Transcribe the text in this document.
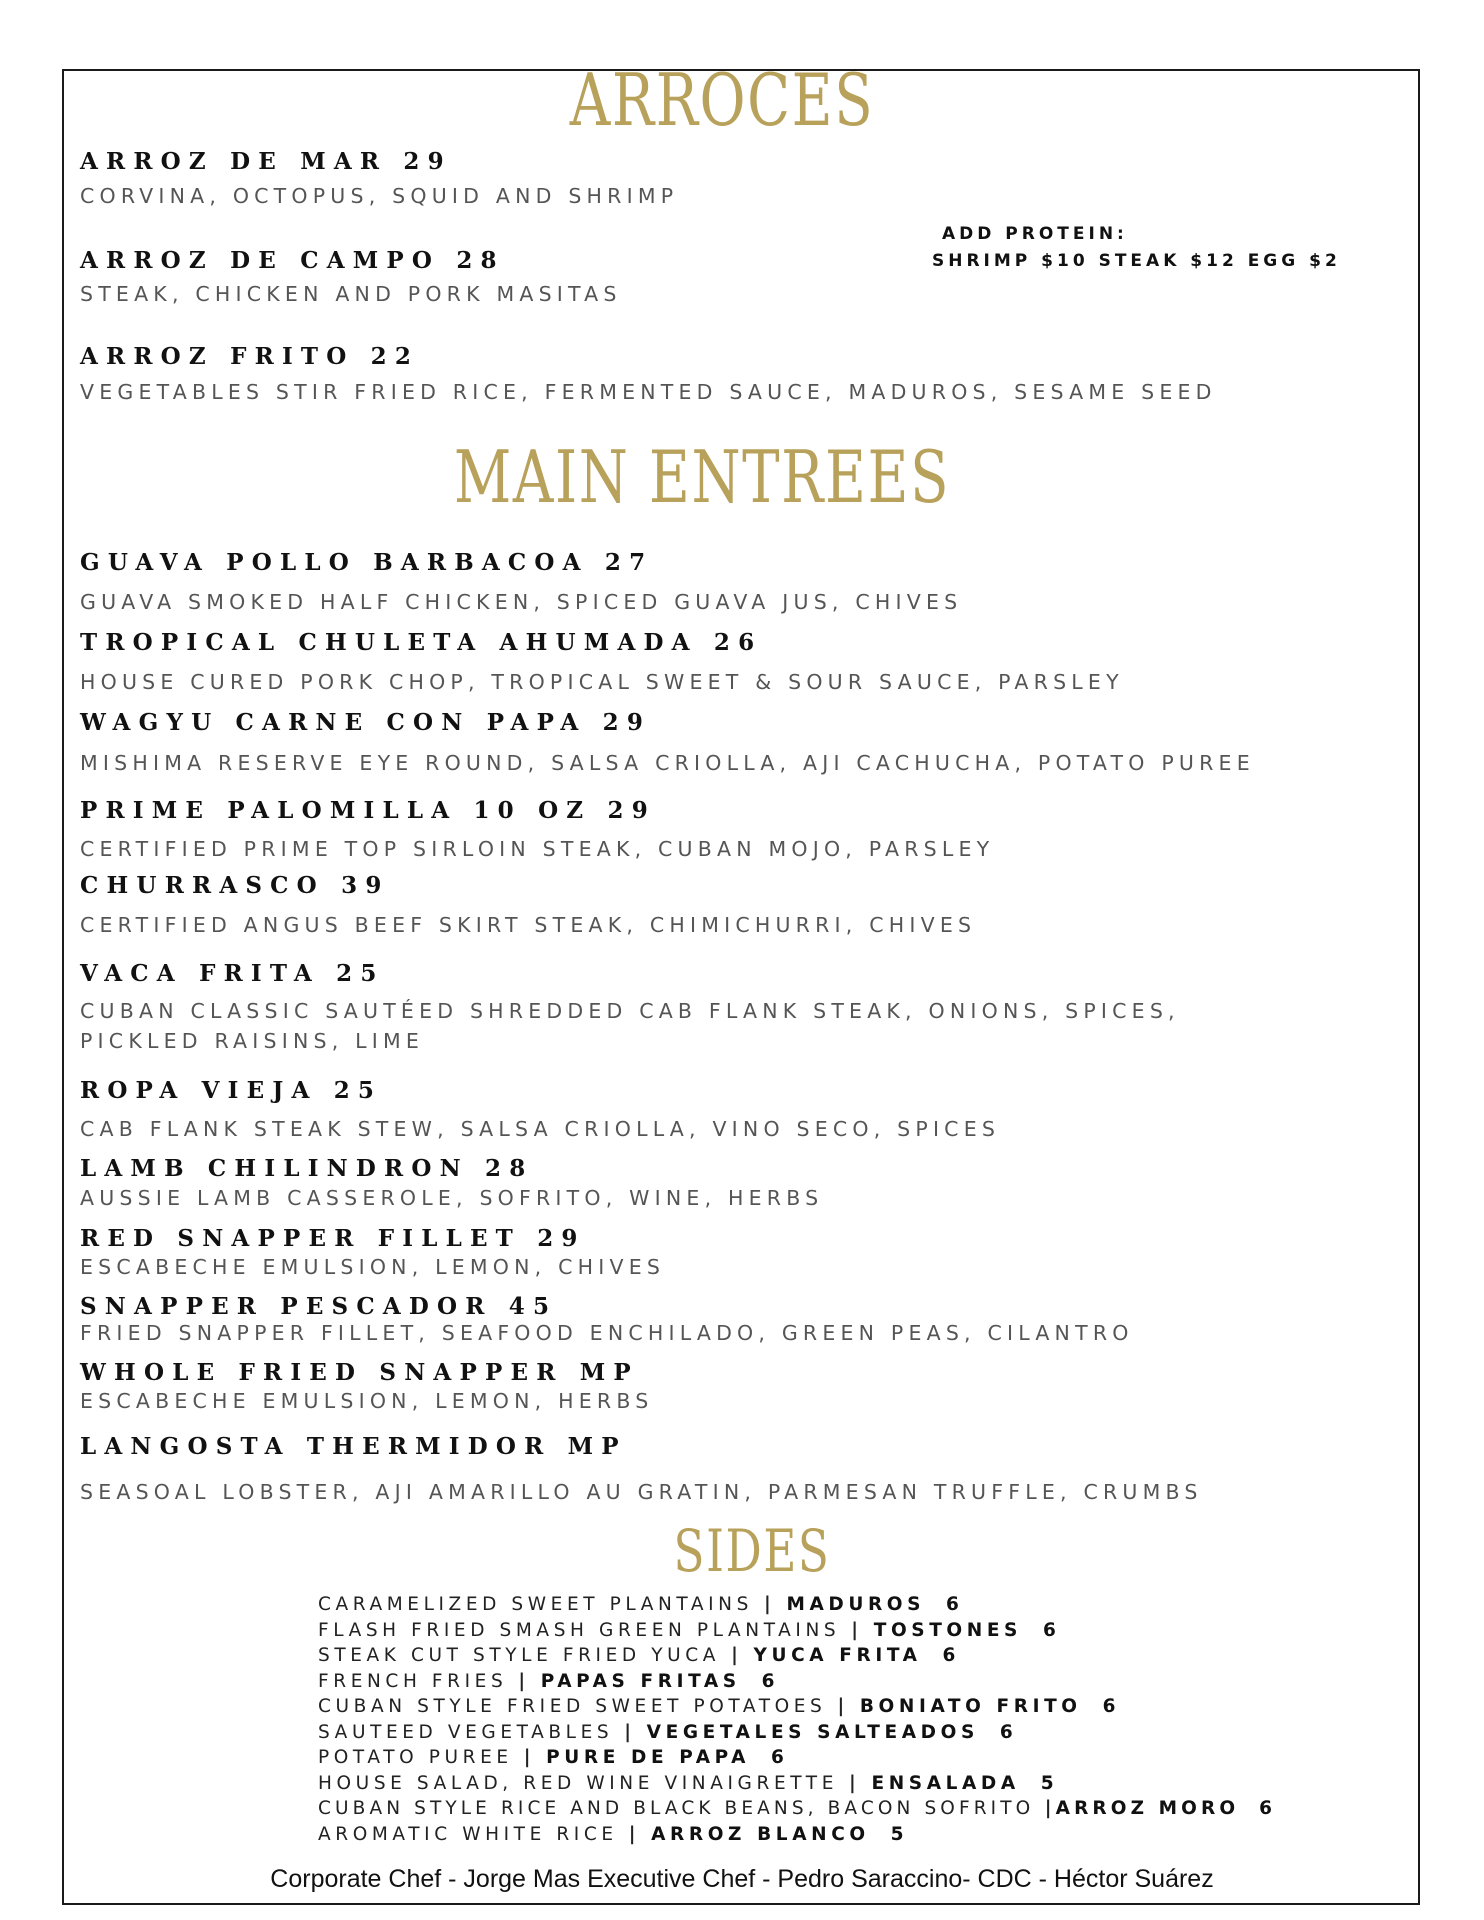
ARROCES
ARROZ DE MAR 29
CORVINA, OCTOPUS, SQUID AND SHRIMP
ADD PROTEIN:
SHRIMP $10 STEAK $12 EGG $2
ARROZ DE CAMPO 28
STEAK, CHICKEN AND PORK MASITAS
ARROZ FRITO 22
VEGETABLES STIR FRIED RICE, FERMENTED SAUCE, MADUROS, SESAME SEED
MAIN ENTREES
GUAVA POLLO BARBACOA 27
GUAVA SMOKED HALF CHICKEN, SPICED GUAVA JUS, CHIVES
TROPICAL CHULETA AHUMADA 26
HOUSE CURED PORK CHOP, TROPICAL SWEET & SOUR SAUCE, PARSLEY
WAGYU CARNE CON PAPA 29
MISHIMA RESERVE EYE ROUND, SALSA CRIOLLA, AJI CACHUCHA, POTATO PUREE
PRIME PALOMILLA 10 OZ 29
CERTIFIED PRIME TOP SIRLOIN STEAK, CUBAN MOJO, PARSLEY
CHURRASCO 39
CERTIFIED ANGUS BEEF SKIRT STEAK, CHIMICHURRI, CHIVES
VACA FRITA 25
CUBAN CLASSIC SAUTÉED SHREDDED CAB FLANK STEAK, ONIONS, SPICES, PICKLED RAISINS, LIME
ROPA VIEJA 25
CAB FLANK STEAK STEW, SALSA CRIOLLA, VINO SECO, SPICES
LAMB CHILINDRON 28
AUSSIE LAMB CASSEROLE, SOFRITO, WINE, HERBS
RED SNAPPER FILLET 29
ESCABECHE EMULSION, LEMON, CHIVES
SNAPPER PESCADOR 45
FRIED SNAPPER FILLET, SEAFOOD ENCHILADO, GREEN PEAS, CILANTRO
WHOLE FRIED SNAPPER MP
ESCABECHE EMULSION, LEMON, HERBS
LANGOSTA THERMIDOR MP
SEASOAL LOBSTER, AJI AMARILLO AU GRATIN, PARMESAN TRUFFLE, CRUMBS
SIDES
CARAMELIZED SWEET PLANTAINS | MADUROS 6
FLASH FRIED SMASH GREEN PLANTAINS | TOSTONES 6
STEAK CUT STYLE FRIED YUCA | YUCA FRITA 6
FRENCH FRIES | PAPAS FRITAS 6
CUBAN STYLE FRIED SWEET POTATOES | BONIATO FRITO 6
SAUTEED VEGETABLES | VEGETALES SALTEADOS 6
POTATO PUREE | PURE DE PAPA 6
HOUSE SALAD, RED WINE VINAIGRETTE | ENSALADA 5
CUBAN STYLE RICE AND BLACK BEANS, BACON SOFRITO |ARROZ MORO 6
AROMATIC WHITE RICE | ARROZ BLANCO 5
Corporate Chef - Jorge Mas Executive Chef - Pedro Saraccino- CDC - Héctor Suárez
